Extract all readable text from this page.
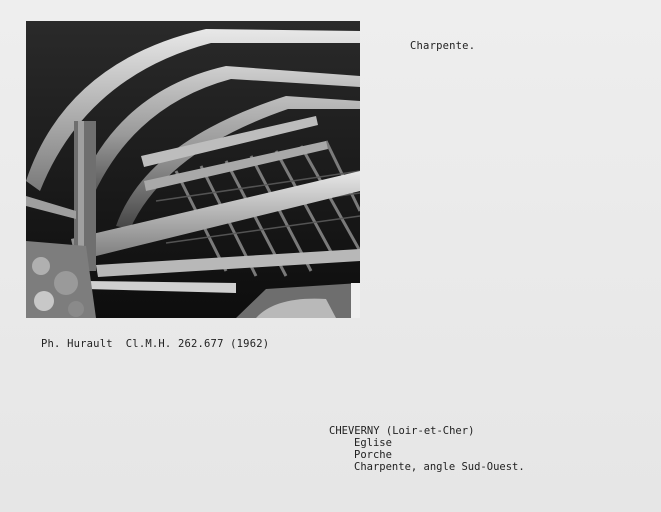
Charpente.
Ph. Hurault  Cl.M.H. 262.677 (1962)
CHEVERNY (Loir-et-Cher)
Eglise
Porche
Charpente, angle Sud-Ouest.
